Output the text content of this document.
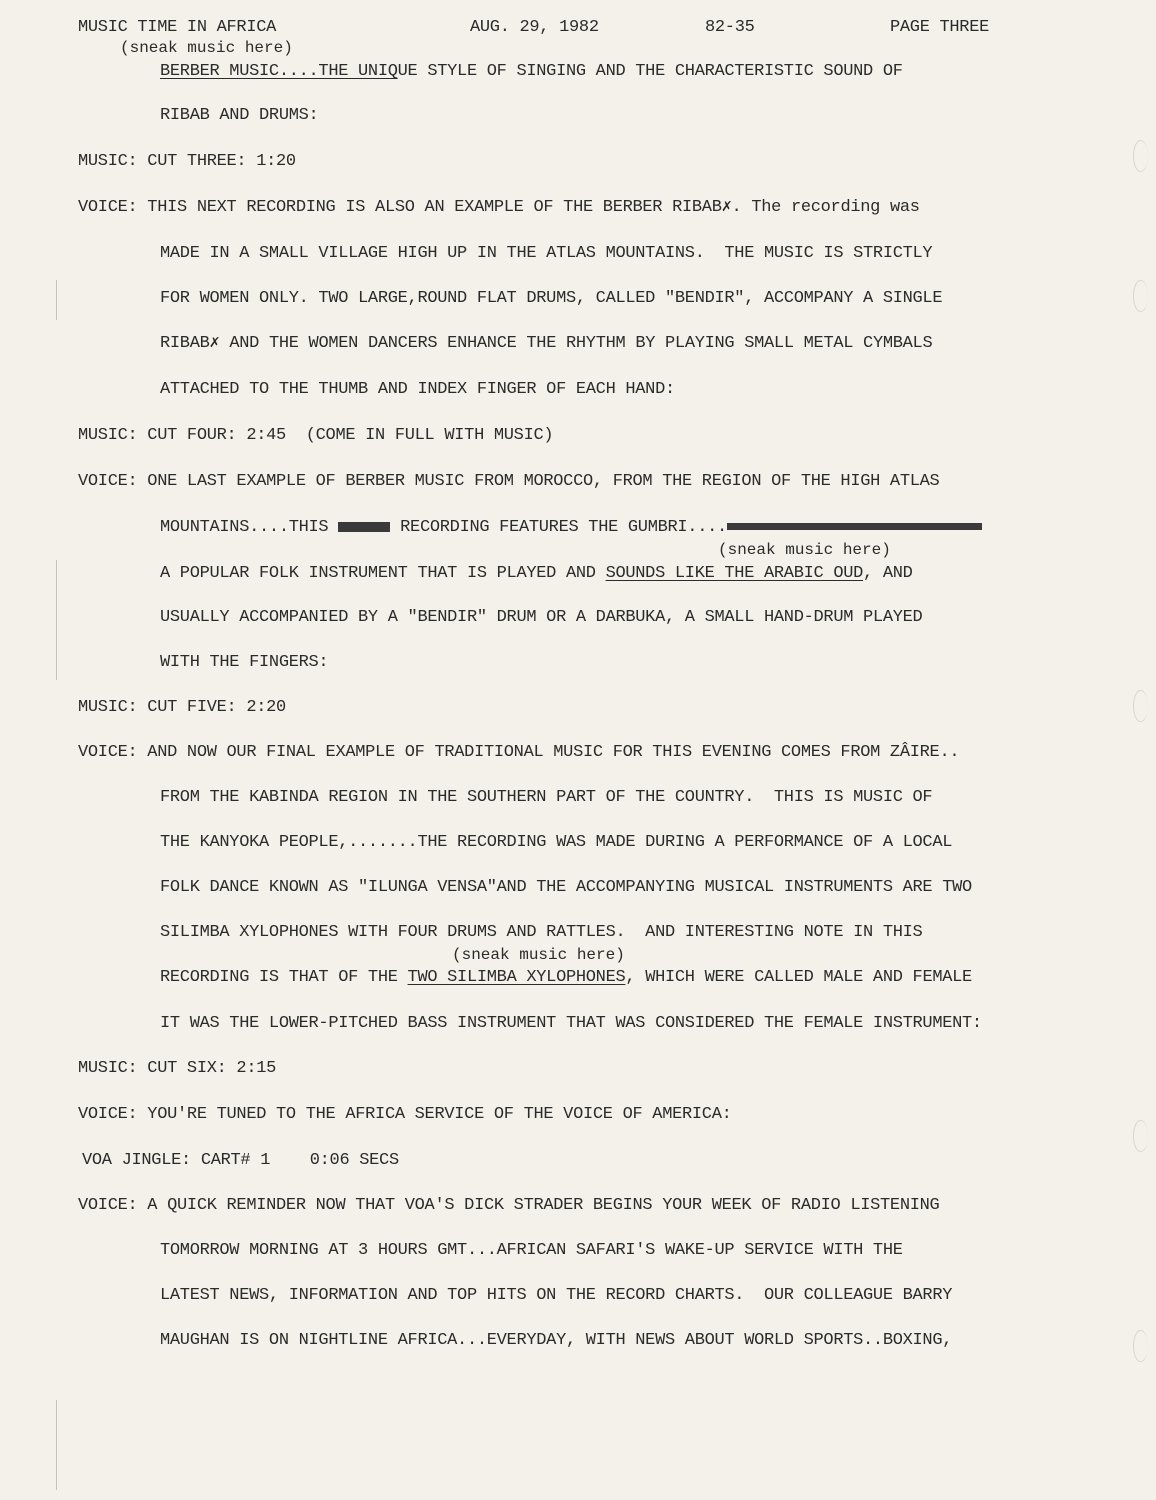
MUSIC TIME IN AFRICA	AUG. 29, 1982	82-35	PAGE THREE
(sneak music here)
BERBER MUSIC....THE UNIQUE STYLE OF SINGING AND THE CHARACTERISTIC SOUND OF
RIBAB AND DRUMS:
MUSIC: CUT THREE: 1:20
VOICE: THIS NEXT RECORDING IS ALSO AN EXAMPLE OF THE BERBER RIBAB✗. The recording was
MADE IN A SMALL VILLAGE HIGH UP IN THE ATLAS MOUNTAINS.  THE MUSIC IS STRICTLY
FOR WOMEN ONLY. TWO LARGE,ROUND FLAT DRUMS, CALLED "BENDIR", ACCOMPANY A SINGLE
RIBAB✗ AND THE WOMEN DANCERS ENHANCE THE RHYTHM BY PLAYING SMALL METAL CYMBALS
ATTACHED TO THE THUMB AND INDEX FINGER OF EACH HAND:
MUSIC: CUT FOUR: 2:45  (COME IN FULL WITH MUSIC)
VOICE: ONE LAST EXAMPLE OF BERBER MUSIC FROM MOROCCO, FROM THE REGION OF THE HIGH ATLAS
MOUNTAINS....THIS	RECORDING FEATURES THE GUMBRI....
(sneak music here)
A POPULAR FOLK INSTRUMENT THAT IS PLAYED AND SOUNDS LIKE THE ARABIC OUD, AND
USUALLY ACCOMPANIED BY A "BENDIR" DRUM OR A DARBUKA, A SMALL HAND-DRUM PLAYED
WITH THE FINGERS:
MUSIC: CUT FIVE: 2:20
VOICE: AND NOW OUR FINAL EXAMPLE OF TRADITIONAL MUSIC FOR THIS EVENING COMES FROM ZÂIRE..
FROM THE KABINDA REGION IN THE SOUTHERN PART OF THE COUNTRY.  THIS IS MUSIC OF
THE KANYOKA PEOPLE,.......THE RECORDING WAS MADE DURING A PERFORMANCE OF A LOCAL
FOLK DANCE KNOWN AS "ILUNGA VENSA"AND THE ACCOMPANYING MUSICAL INSTRUMENTS ARE TWO
SILIMBA XYLOPHONES WITH FOUR DRUMS AND RATTLES.  AND INTERESTING NOTE IN THIS
(sneak music here)
RECORDING IS THAT OF THE TWO SILIMBA XYLOPHONES, WHICH WERE CALLED MALE AND FEMALE
IT WAS THE LOWER-PITCHED BASS INSTRUMENT THAT WAS CONSIDERED THE FEMALE INSTRUMENT:
MUSIC: CUT SIX: 2:15
VOICE: YOU'RE TUNED TO THE AFRICA SERVICE OF THE VOICE OF AMERICA:
VOA JINGLE: CART# 1    0:06 SECS
VOICE: A QUICK REMINDER NOW THAT VOA'S DICK STRADER BEGINS YOUR WEEK OF RADIO LISTENING
TOMORROW MORNING AT 3 HOURS GMT...AFRICAN SAFARI'S WAKE-UP SERVICE WITH THE
LATEST NEWS, INFORMATION AND TOP HITS ON THE RECORD CHARTS.  OUR COLLEAGUE BARRY
MAUGHAN IS ON NIGHTLINE AFRICA...EVERYDAY, WITH NEWS ABOUT WORLD SPORTS..BOXING,
